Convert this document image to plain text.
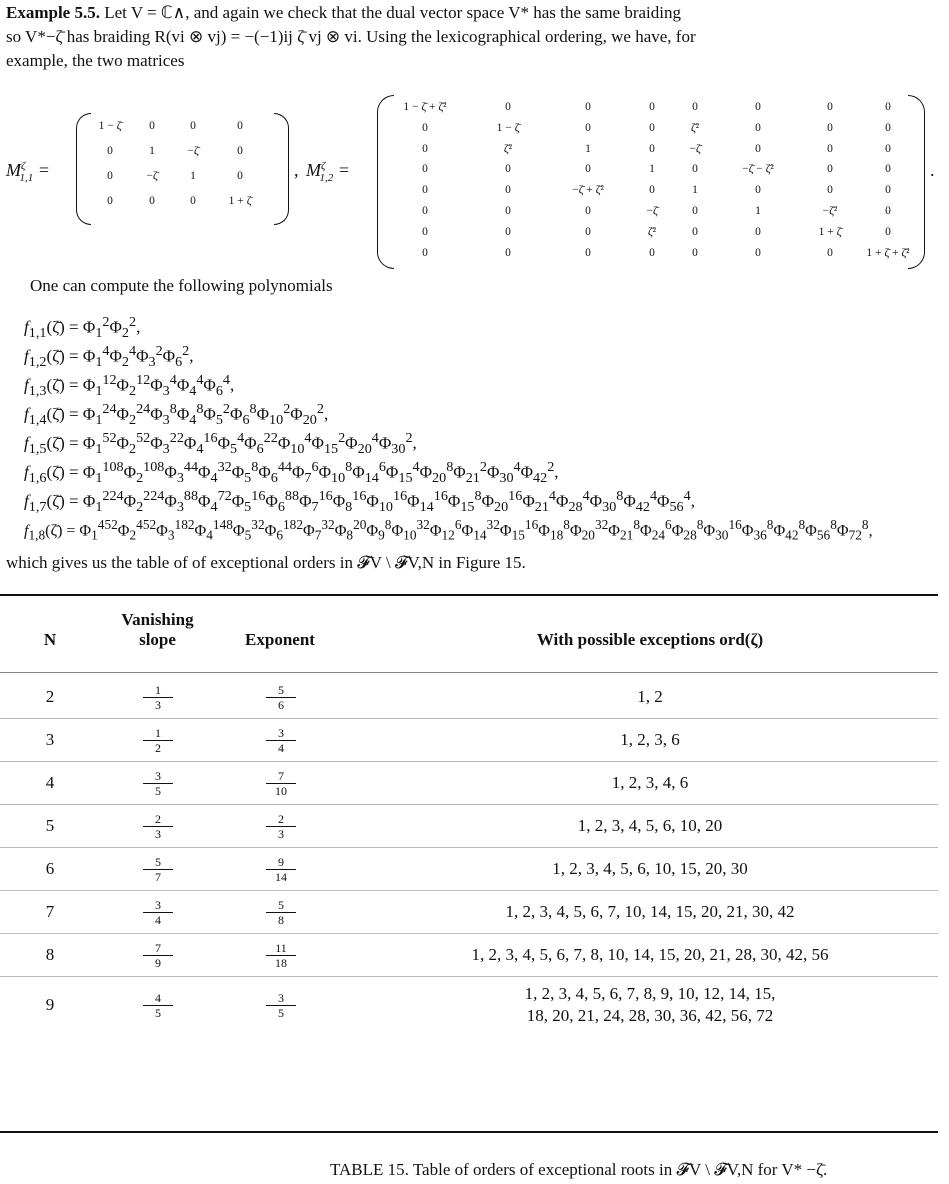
Example 5.5. Let V = ℂ∧, and again we check that the dual vector space V* has the same braiding
so V*−ζ̄ has braiding R(vi ⊗ vj) = −(−1)ij ζ̄ vj ⊗ vi. Using the lexicographical ordering, we have, for
example, the two matrices
$M^\zeta_{1,1}$ =
1 − ζ̄	0	0	0
0	1	−ζ̄	0
0	−ζ̄	1	0
0	0	0	1 + ζ̄
, $M^\zeta_{1,2}$ =
1 − ζ̄ + ζ̄²	0	0	0	0	0	0	0
0	1 − ζ̄	0	0	ζ̄²	0	0	0
0	ζ̄²	1	0	−ζ̄	0	0	0
0	0	0	1	0	−ζ̄ − ζ̄²	0	0
0	0	−ζ̄ + ζ̄²	0	1	0	0	0
0	0	0	−ζ̄	0	1	−ζ̄²	0
0	0	0	ζ̄²	0	0	1 + ζ̄	0
0	0	0	0	0	0	0	1 + ζ̄ + ζ̄²
.
One can compute the following polynomials
$f_{1,1}(\zetā) = \Phi_1^2\Phi_2^2$,
$f_{1,2}(\zetā) = \Phi_1^4\Phi_2^4\Phi_3^2\Phi_6^2$,
$f_{1,3}(\zetā) = \Phi_1^{12}\Phi_2^{12}\Phi_3^4\Phi_4^4\Phi_6^4$,
$f_{1,4}(\zetā) = \Phi_1^{24}\Phi_2^{24}\Phi_3^8\Phi_4^8\Phi_5^2\Phi_6^8\Phi_{10}^2\Phi_{20}^2$,
$f_{1,5}(\zetā) = \Phi_1^{52}\Phi_2^{52}\Phi_3^{22}\Phi_4^{16}\Phi_5^4\Phi_6^{22}\Phi_{10}^4\Phi_{15}^2\Phi_{20}^4\Phi_{30}^2$,
$f_{1,6}(\zetā) = \Phi_1^{108}\Phi_2^{108}\Phi_3^{44}\Phi_4^{32}\Phi_5^8\Phi_6^{44}\Phi_7^6\Phi_{10}^8\Phi_{14}^6\Phi_{15}^4\Phi_{20}^8\Phi_{21}^2\Phi_{30}^4\Phi_{42}^2$,
$f_{1,7}(\zetā) = \Phi_1^{224}\Phi_2^{224}\Phi_3^{88}\Phi_4^{72}\Phi_5^{16}\Phi_6^{88}\Phi_7^{16}\Phi_8^{16}\Phi_{10}^{16}\Phi_{14}^{16}\Phi_{15}^8\Phi_{20}^{16}\Phi_{21}^4\Phi_{28}^4\Phi_{30}^8\Phi_{42}^4\Phi_{56}^4$,
$f_{1,8}(\zetā) = \Phi_1^{452}\Phi_2^{452}\Phi_3^{182}\Phi_4^{148}\Phi_5^{32}\Phi_6^{182}\Phi_7^{32}\Phi_8^{20}\Phi_9^8\Phi_{10}^{32}\Phi_{12}^6\Phi_{14}^{32}\Phi_{15}^{16}\Phi_{18}^8\Phi_{20}^{32}\Phi_{21}^8\Phi_{24}^6\Phi_{28}^8\Phi_{30}^{16}\Phi_{36}^8\Phi_{42}^8\Phi_{56}^8\Phi_{72}^8$,
which gives us the table of of exceptional orders in 𝓕V \ 𝓕V,N in Figure 15.
N
Vanishing slope	Exponent	With possible exceptions ord(ζ)
2	$\frac{1}{3}$	$\frac{5}{6}$	1, 2
3	$\frac{1}{2}$	$\frac{3}{4}$	1, 2, 3, 6
4	$\frac{3}{5}$	$\frac{7}{10}$	1, 2, 3, 4, 6
5	$\frac{2}{3}$	$\frac{2}{3}$	1, 2, 3, 4, 5, 6, 10, 20
6	$\frac{5}{7}$	$\frac{9}{14}$	1, 2, 3, 4, 5, 6, 10, 15, 20, 30
7	$\frac{3}{4}$	$\frac{5}{8}$	1, 2, 3, 4, 5, 6, 7, 10, 14, 15, 20, 21, 30, 42
8	$\frac{7}{9}$	$\frac{11}{18}$	1, 2, 3, 4, 5, 6, 7, 8, 10, 14, 15, 20, 21, 28, 30, 42, 56
9	$\frac{4}{5}$	$\frac{3}{5}$	1, 2, 3, 4, 5, 6, 7, 8, 9, 10, 12, 14, 15,
18, 20, 21, 24, 28, 30, 36, 42, 56, 72
TABLE 15. Table of orders of exceptional roots in 𝓕V \ 𝓕V,N for V* −ζ̄.
